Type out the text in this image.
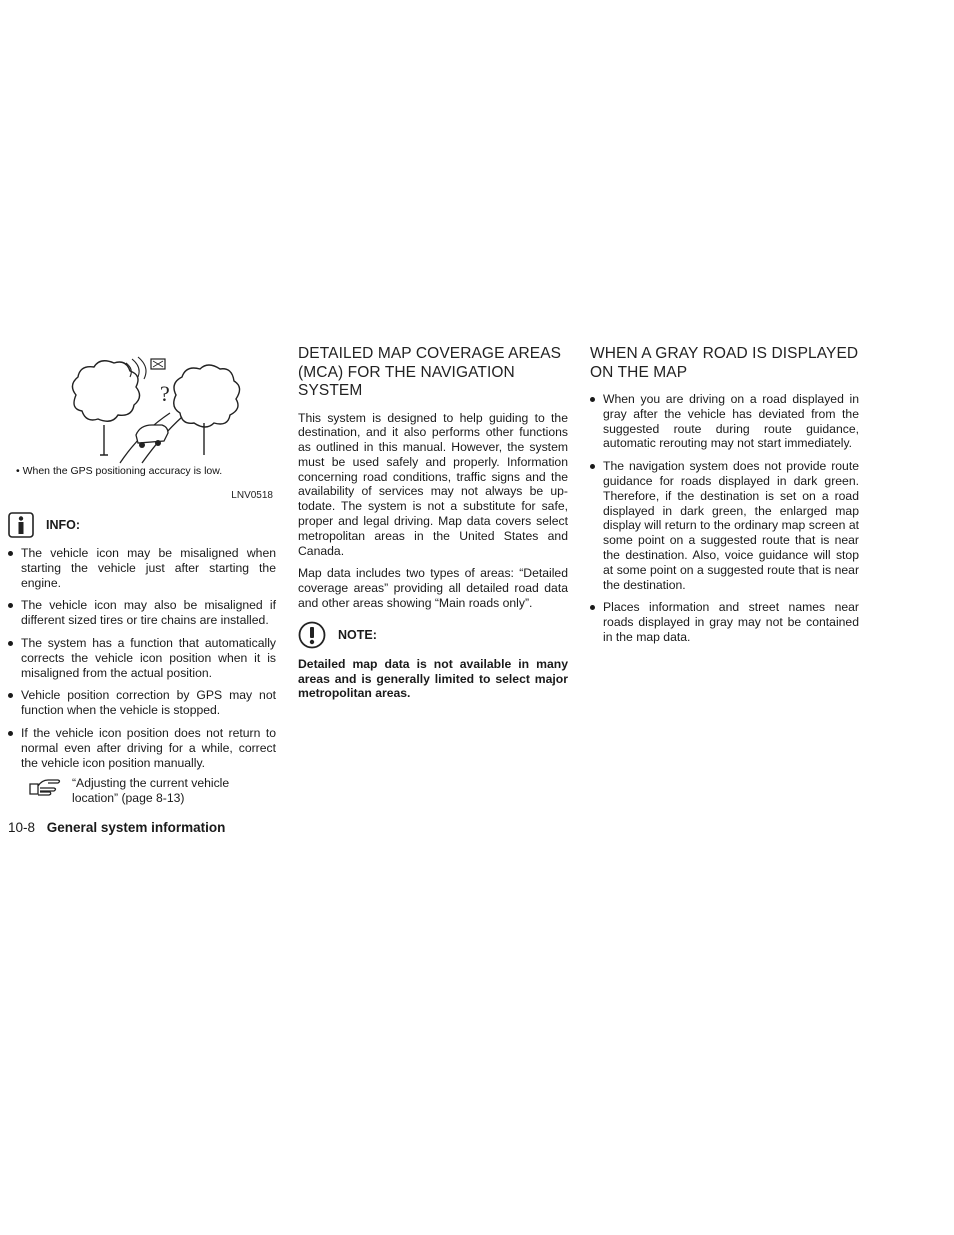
?
• When the GPS positioning accuracy is low.
LNV0518
INFO:
The vehicle icon may be misaligned when starting the vehicle just after starting the engine.
The vehicle icon may also be misaligned if different sized tires or tire chains are installed.
The system has a function that automatically corrects the vehicle icon position when it is misaligned from the actual position.
Vehicle position correction by GPS may not function when the vehicle is stopped.
If the vehicle icon position does not return to normal even after driving for a while, correct the vehicle icon position manually.
“Adjusting the current vehicle location” (page 8-13)
DETAILED MAP COVERAGE AREAS (MCA) FOR THE NAVIGATION SYSTEM

This system is designed to help guiding to the destination, and it also performs other functions as outlined in this manual. However, the system must be used safely and properly. Information concerning road conditions, traffic signs and the availability of services may not always be up-todate. The system is not a substitute for safe, proper and legal driving. Map data covers select metropolitan areas in the United States and Canada.

Map data includes two types of areas: “Detailed coverage areas” providing all detailed road data and other areas showing “Main roads only”.

NOTE:

Detailed map data is not available in many areas and is generally limited to select major metropolitan areas.

WHEN A GRAY ROAD IS DISPLAYED ON THE MAP
When you are driving on a road displayed in gray after the vehicle has deviated from the suggested route during route guidance, automatic rerouting may not start immediately.
The navigation system does not provide route guidance for roads displayed in dark green. Therefore, if the destination is set on a road displayed in dark green, the enlarged map display will return to the ordinary map screen at some point on a suggested route that is near the destination. Also, voice guidance will stop at some point on a suggested route that is near the destination.
Places information and street names near roads displayed in gray may not be contained in the map data.
10-8 General system information
